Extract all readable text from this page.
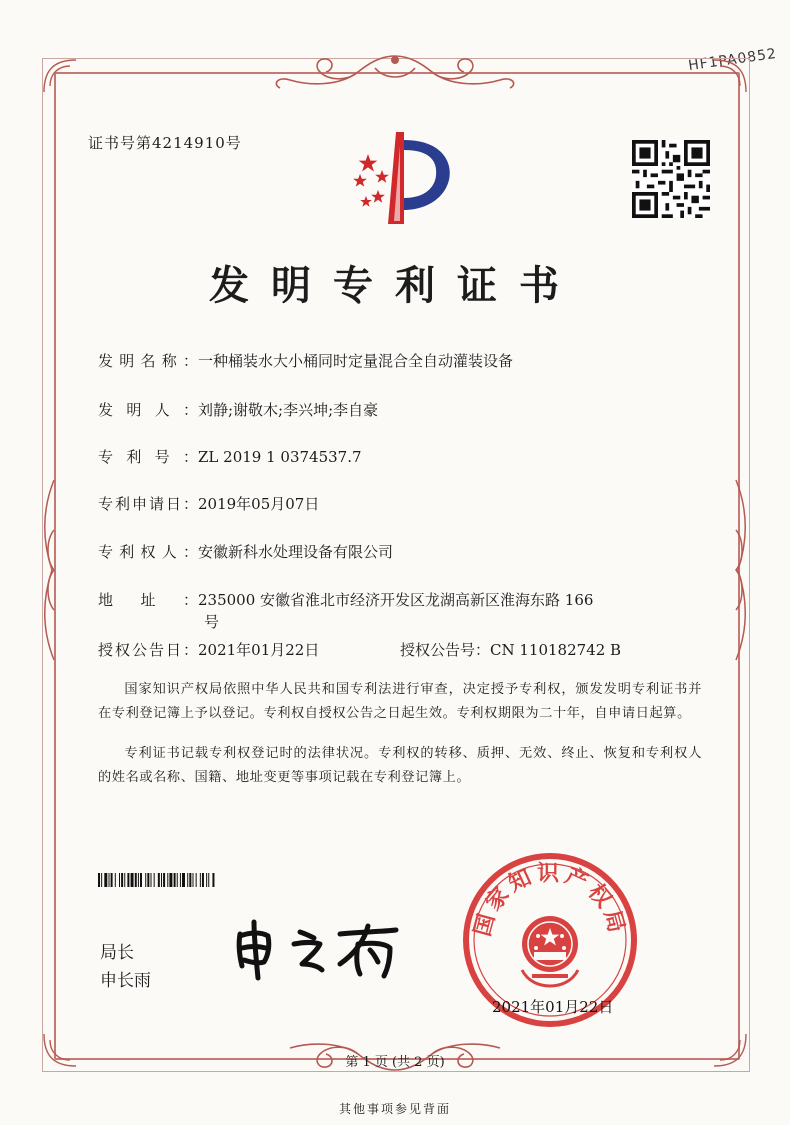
HF1PA0852
证书号第4214910号
发明专利证书
发明名称：一种桶装水大小桶同时定量混合全自动灌装设备
发明人：刘静;谢敬木;李兴坤;李自豪
专利号：ZL 2019 1 0374537.7
专利申请日：2019年05月07日
专利权人：安徽新科水处理设备有限公司
地址：235000 安徽省淮北市经济开发区龙湖高新区淮海东路 166
号
授权公告日：2021年01月22日	授权公告号：CN 110182742 B
国家知识产权局依照中华人民共和国专利法进行审查，决定授予专利权，颁发发明专利证书并在专利登记簿上予以登记。专利权自授权公告之日起生效。专利权期限为二十年，自申请日起算。
专利证书记载专利权登记时的法律状况。专利权的转移、质押、无效、终止、恢复和专利权人的姓名或名称、国籍、地址变更等事项记载在专利登记簿上。
局长
申长雨
国家知识产权局
2021年01月22日
第 1 页 (共 2 页)
其他事项参见背面
